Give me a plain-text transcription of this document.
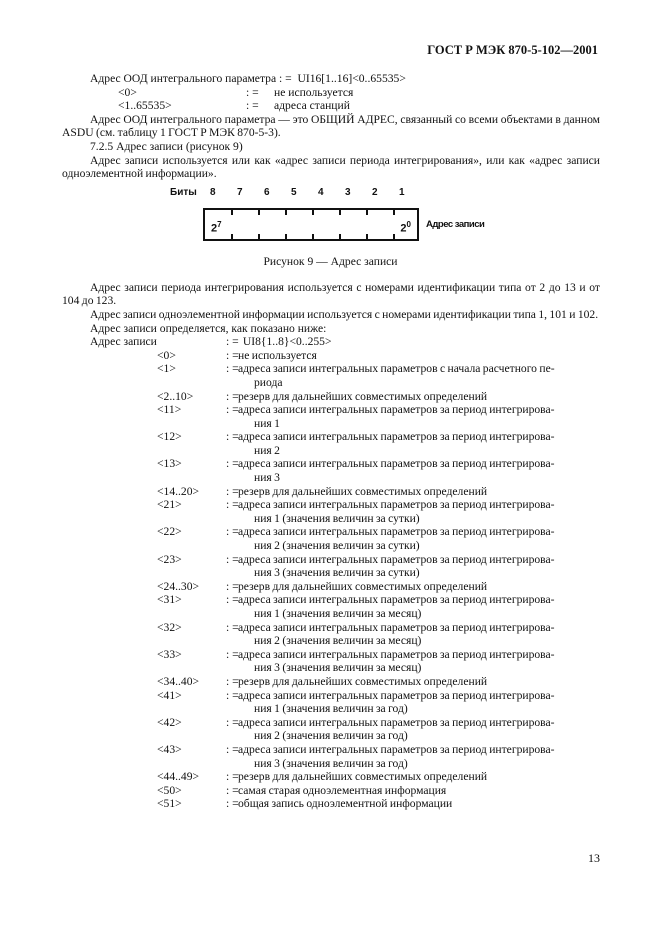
ГОСТ Р МЭК 870-5-102—2001
Адрес ООД интегрального параметра
: =
UI16[1..16]<0..65535>
<0>	: =	не используется
<1..65535>	: =	адреса станций
Адрес ООД интегрального параметра — это ОБЩИЙ АДРЕС, связанный со всеми объектами в данном ASDU (см. таблицу 1 ГОСТ Р МЭК 870-5-3).
7.2.5 Адрес записи (рисунок 9)
Адрес записи используется или как «адрес записи периода интегрирования», или как «адрес записи одноэлементной информации».
Биты 8 7 6 5 4 3 2 1
$2^7$	$2^0$ Адрес записи
Рисунок 9 — Адрес записи
Адрес записи периода интегрирования используется с номерами идентификации типа от 2 до 13 и от 104 до 123.
Адрес записи одноэлементной информации используется с номерами идентификации типа 1, 101 и 102.
Адрес записи определяется, как показано ниже:
Адрес записи	: =
UI8{1..8}<0..255>
<0>	: = не используется
<1>	: = адреса записи интегральных параметров с начала расчетного пе-
риода
<2..10>	: = резерв для дальнейших совместимых определений
<11>	: = адреса записи интегральных параметров за период интегрирова-
ния 1
<12>	: = адреса записи интегральных параметров за период интегрирова-
ния 2
<13>	: = адреса записи интегральных параметров за период интегрирова-
ния 3
<14..20>	: = резерв для дальнейших совместимых определений
<21>	: = адреса записи интегральных параметров за период интегрирова-
ния 1 (значения величин за сутки)
<22>	: = адреса записи интегральных параметров за период интегрирова-
ния 2 (значения величин за сутки)
<23>	: = адреса записи интегральных параметров за период интегрирова-
ния 3 (значения величин за сутки)
<24..30>	: = резерв для дальнейших совместимых определений
<31>	: = адреса записи интегральных параметров за период интегрирова-
ния 1 (значения величин за месяц)
<32>	: = адреса записи интегральных параметров за период интегрирова-
ния 2 (значения величин за месяц)
<33>	: = адреса записи интегральных параметров за период интегрирова-
ния 3 (значения величин за месяц)
<34..40>	: = резерв для дальнейших совместимых определений
<41>	: = адреса записи интегральных параметров за период интегрирова-
ния 1 (значения величин за год)
<42>	: = адреса записи интегральных параметров за период интегрирова-
ния 2 (значения величин за год)
<43>	: = адреса записи интегральных параметров за период интегрирова-
ния 3 (значения величин за год)
<44..49>	: = резерв для дальнейших совместимых определений
<50>	: = самая старая одноэлементная информация
<51>	: = общая запись одноэлементной информации
13
